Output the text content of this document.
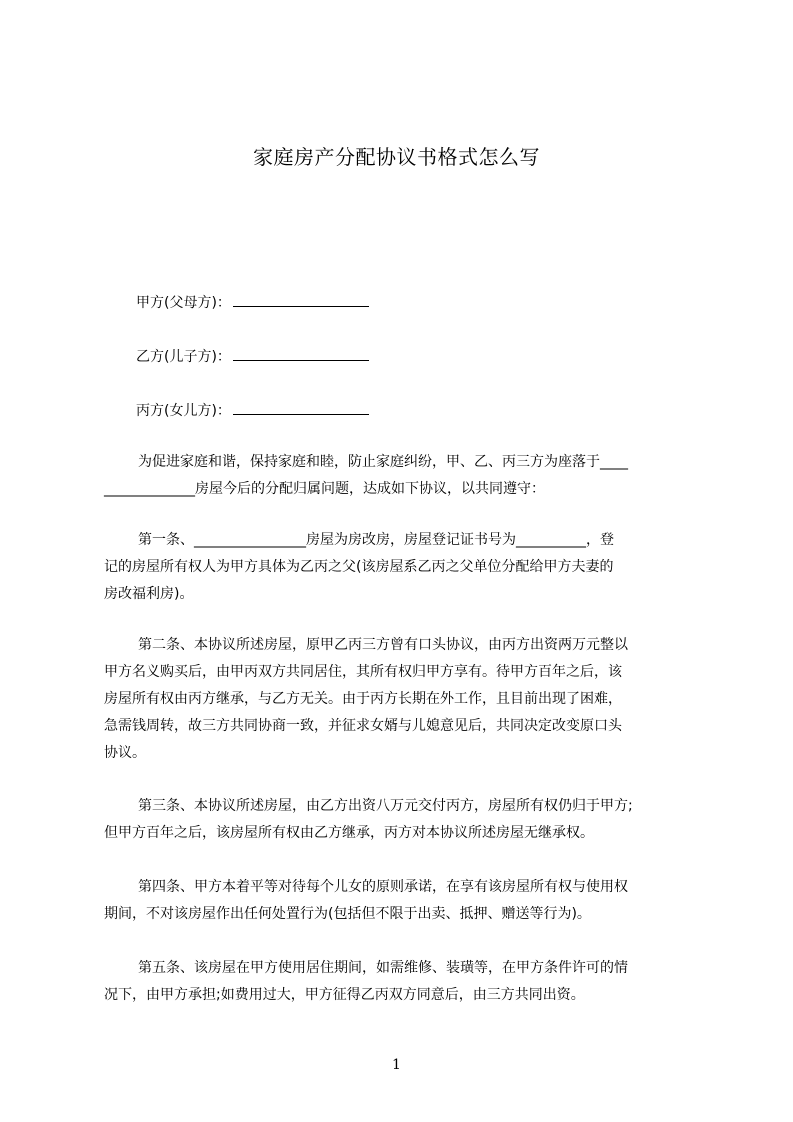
家庭房产分配协议书格式怎么写
甲方(父母方)：
乙方(儿子方)：
丙方(女儿方)：
为促进家庭和谐，保持家庭和睦，防止家庭纠纷，甲、乙、丙三方为座落于____
_____________房屋今后的分配归属问题，达成如下协议，以共同遵守：
第一条、________________房屋为房改房，房屋登记证书号为__________，登
记的房屋所有权人为甲方具体为乙丙之父(该房屋系乙丙之父单位分配给甲方夫妻的
房改福利房)。
第二条、本协议所述房屋，原甲乙丙三方曾有口头协议，由丙方出资两万元整以
甲方名义购买后，由甲丙双方共同居住，其所有权归甲方享有。待甲方百年之后，该
房屋所有权由丙方继承，与乙方无关。由于丙方长期在外工作，且目前出现了困难，
急需钱周转，故三方共同协商一致，并征求女婿与儿媳意见后，共同决定改变原口头
协议。
第三条、本协议所述房屋，由乙方出资八万元交付丙方，房屋所有权仍归于甲方;
但甲方百年之后，该房屋所有权由乙方继承，丙方对本协议所述房屋无继承权。
第四条、甲方本着平等对待每个儿女的原则承诺，在享有该房屋所有权与使用权
期间，不对该房屋作出任何处置行为(包括但不限于出卖、抵押、赠送等行为)。
第五条、该房屋在甲方使用居住期间，如需维修、装璜等，在甲方条件许可的情
况下，由甲方承担;如费用过大，甲方征得乙丙双方同意后，由三方共同出资。
1
